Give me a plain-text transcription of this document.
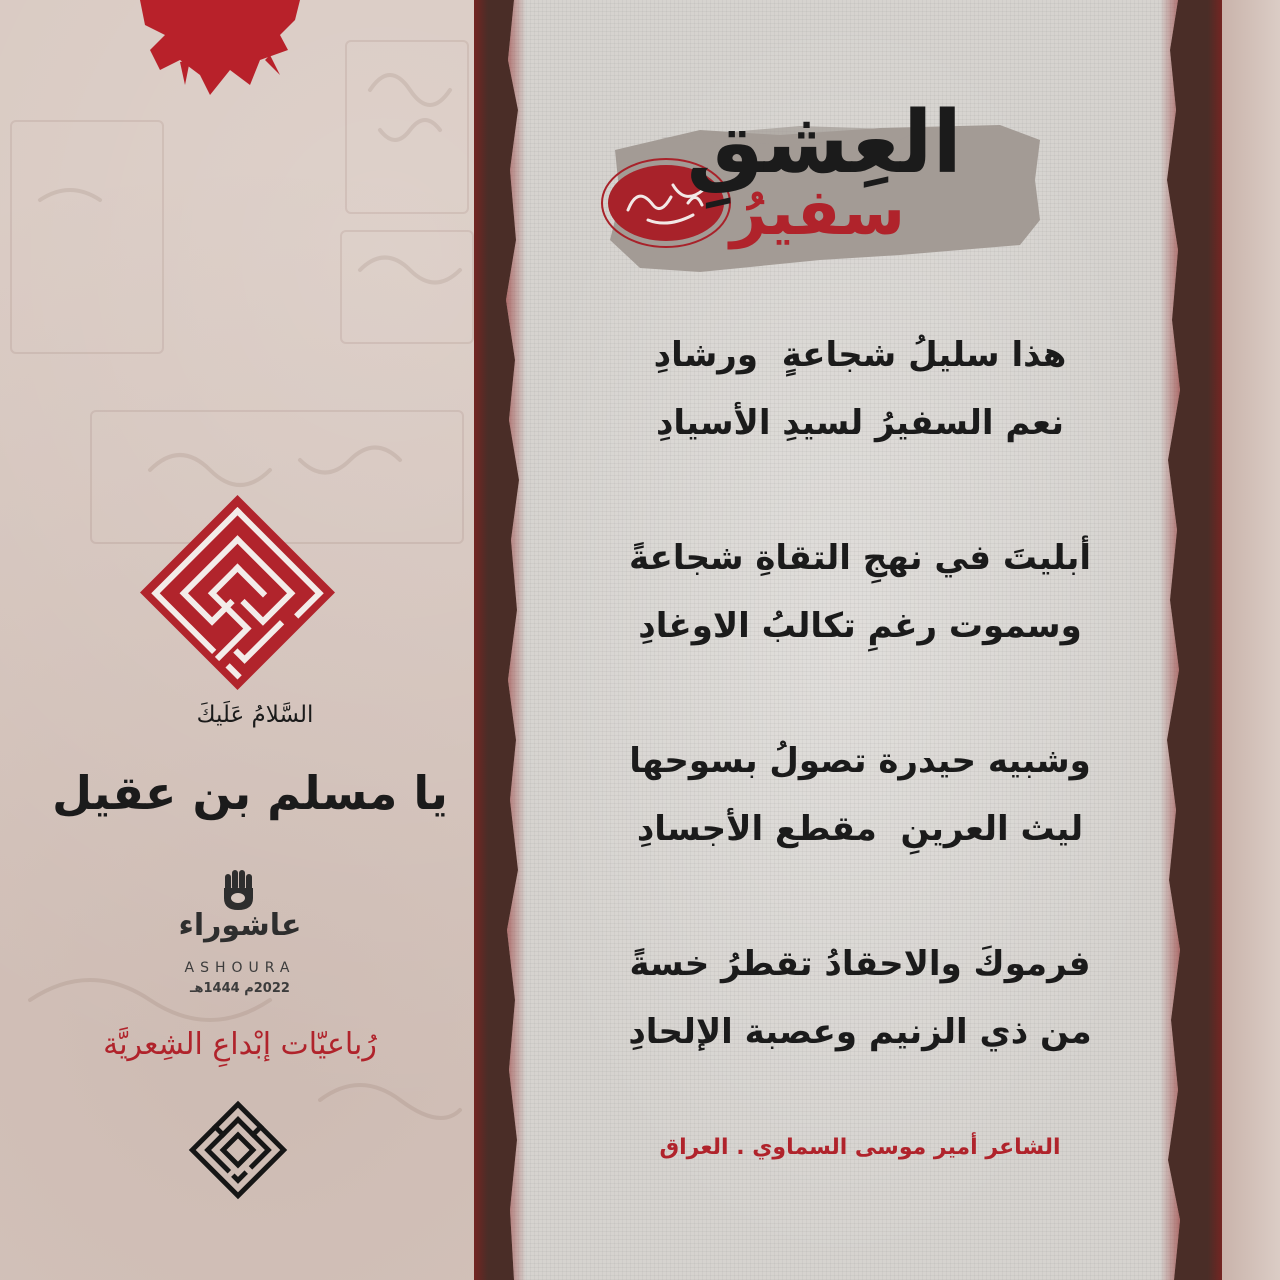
العِشقِ
سفيرُ
هذا سليلُ شجاعةٍ  ورشادِ
نعم السفيرُ لسيدِ الأسيادِ
أبليتَ في نهجِ التقاةِ شجاعةً
وسموت رغمِ تكالبُ الاوغادِ
وشبيه حيدرة تصولُ بسوحها
ليث العرينِ  مقطع الأجسادِ
فرموكَ والاحقادُ تقطرُ خسةً
من ذي الزنيم وعصبة الإلحادِ
الشاعر أمير موسى السماوي . العراق
السَّلامُ عَلَيكَ
يا مسلم بن عقيل
عاشوراء
ASHOURA
2022م 1444هـ
رُباعيّات إبْداعِ الشِعريَّة
